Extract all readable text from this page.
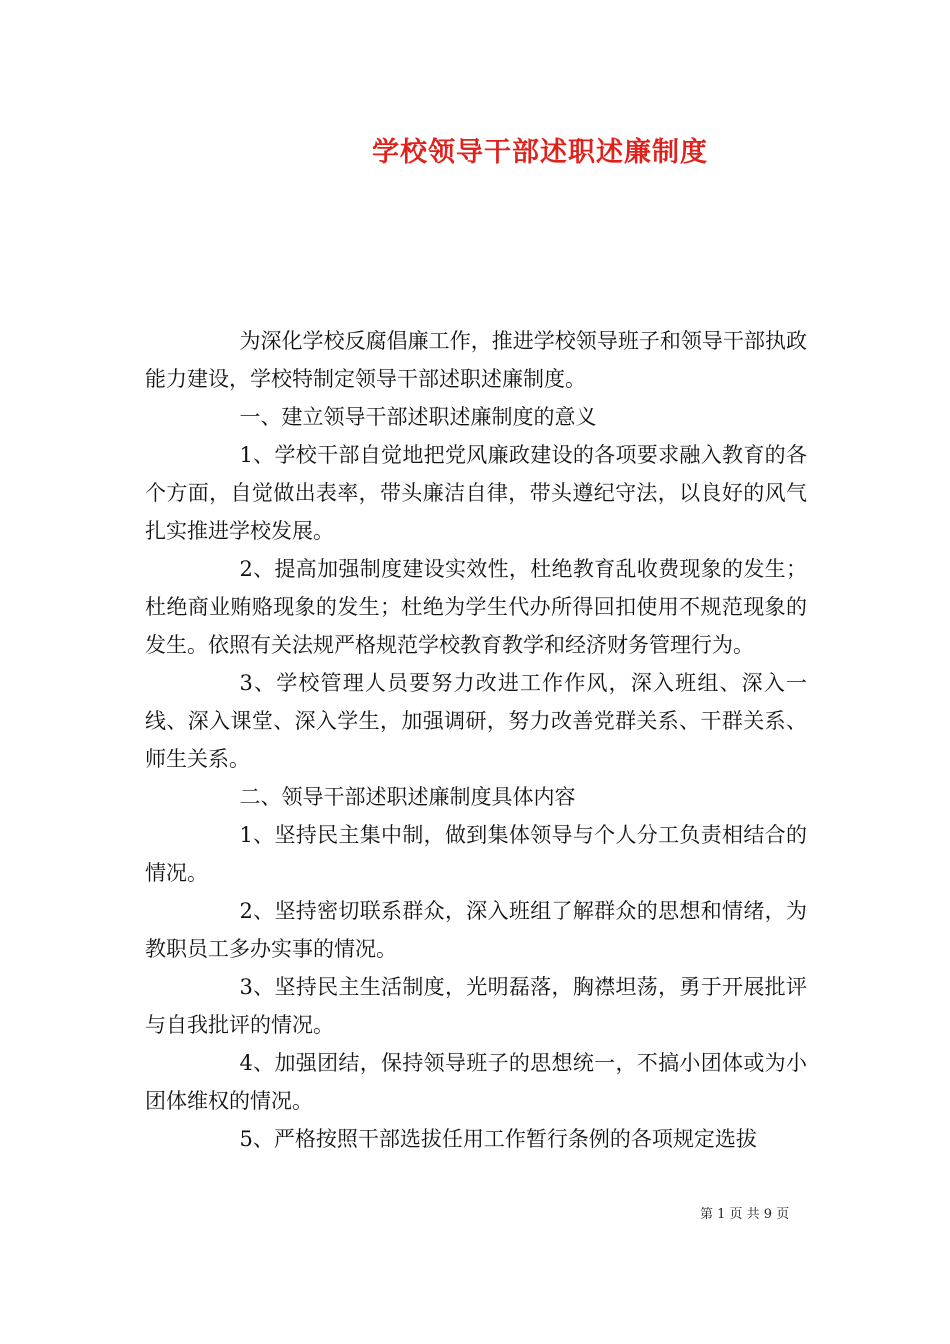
学校领导干部述职述廉制度

为深化学校反腐倡廉工作，推进学校领导班子和领导干部执政能力建设，学校特制定领导干部述职述廉制度。

一、建立领导干部述职述廉制度的意义

1、学校干部自觉地把党风廉政建设的各项要求融入教育的各个方面，自觉做出表率，带头廉洁自律，带头遵纪守法，以良好的风气扎实推进学校发展。

2、提高加强制度建设实效性，杜绝教育乱收费现象的发生；杜绝商业贿赂现象的发生；杜绝为学生代办所得回扣使用不规范现象的发生。依照有关法规严格规范学校教育教学和经济财务管理行为。

3、学校管理人员要努力改进工作作风，深入班组、深入一线、深入课堂、深入学生，加强调研，努力改善党群关系、干群关系、师生关系。

二、领导干部述职述廉制度具体内容

1、坚持民主集中制，做到集体领导与个人分工负责相结合的情况。

2、坚持密切联系群众，深入班组了解群众的思想和情绪，为教职员工多办实事的情况。

3、坚持民主生活制度，光明磊落，胸襟坦荡，勇于开展批评与自我批评的情况。

4、加强团结，保持领导班子的思想统一，不搞小团体或为小团体维权的情况。

5、严格按照干部选拔任用工作暂行条例的各项规定选拔

第 1 页 共 9 页
